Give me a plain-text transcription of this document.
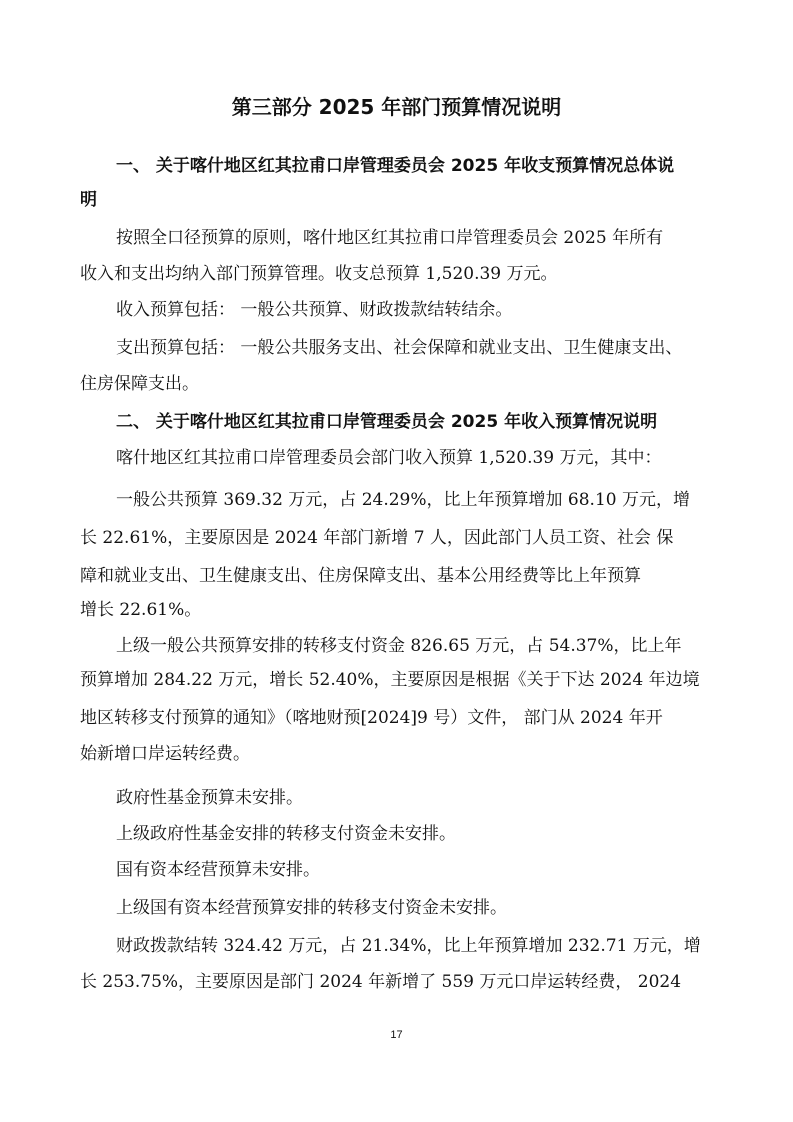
第三部分 2025 年部门预算情况说明
一、 关于喀什地区红其拉甫口岸管理委员会 2025 年收支预算情况总体说
明
按照全口径预算的原则，喀什地区红其拉甫口岸管理委员会 2025 年所有
收入和支出均纳入部门预算管理。收支总预算 1,520.39 万元。
收入预算包括： 一般公共预算、财政拨款结转结余。
支出预算包括： 一般公共服务支出、社会保障和就业支出、卫生健康支出、
住房保障支出。
二、 关于喀什地区红其拉甫口岸管理委员会 2025 年收入预算情况说明
喀什地区红其拉甫口岸管理委员会部门收入预算 1,520.39 万元，其中：
一般公共预算 369.32 万元，占 24.29%，比上年预算增加 68.10 万元，增
长 22.61%，主要原因是 2024 年部门新增 7 人，因此部门人员工资、社会 保
障和就业支出、卫生健康支出、住房保障支出、基本公用经费等比上年预算
增长 22.61%。
上级一般公共预算安排的转移支付资金 826.65 万元，占 54.37%，比上年
预算增加 284.22 万元，增长 52.40%，主要原因是根据《关于下达 2024 年边境
地区转移支付预算的通知》（喀地财预[2024]9 号）文件， 部门从 2024 年开
始新增口岸运转经费。
政府性基金预算未安排。
上级政府性基金安排的转移支付资金未安排。
国有资本经营预算未安排。
上级国有资本经营预算安排的转移支付资金未安排。
财政拨款结转 324.42 万元，占 21.34%，比上年预算增加 232.71 万元，增
长 253.75%，主要原因是部门 2024 年新增了 559 万元口岸运转经费， 2024
17
